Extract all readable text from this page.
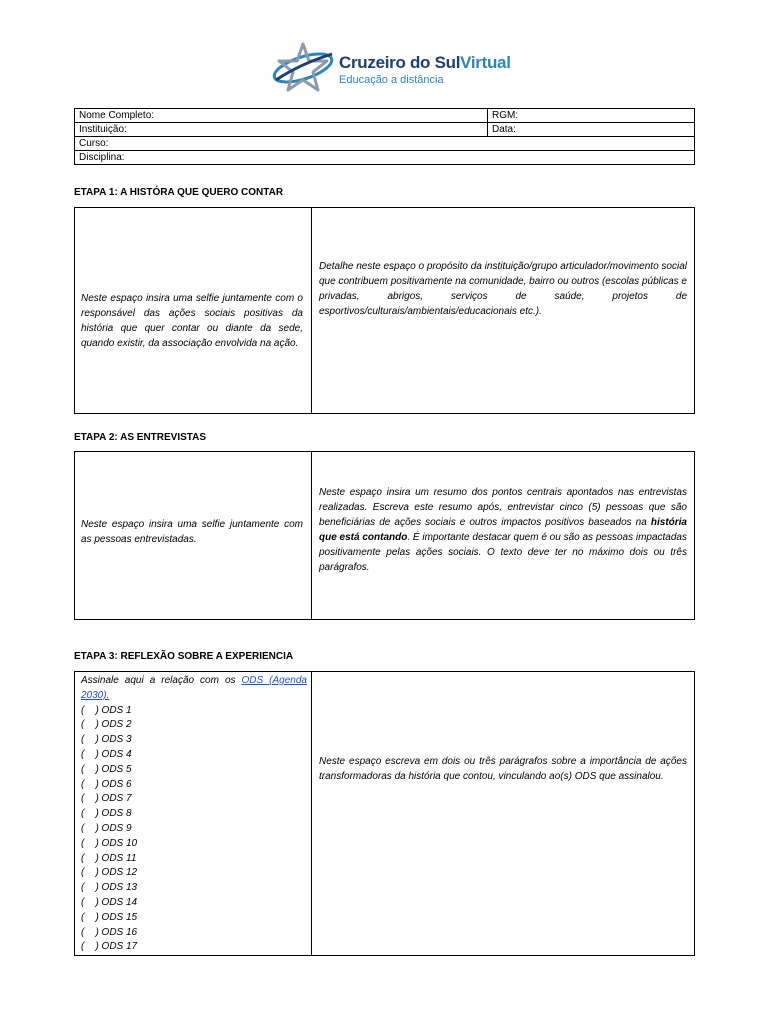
Cruzeiro do SulVirtual
Educação a distância
Nome Completo:	RGM:
Instituição:	Data:
Curso:	
Disciplina:	
ETAPA 1: A HISTÓRA QUE QUERO CONTAR
Neste espaço insira uma selfie juntamente com o responsável das ações sociais positivas da história que quer contar ou diante da sede, quando existir, da associação envolvida na ação.
Detalhe neste espaço o propósito da instituição/grupo articulador/movimento social que contribuem positivamente na comunidade, bairro ou outros (escolas públicas e privadas, abrigos, serviços de saúde, projetos de esportivos/culturais/ambientais/educacionais etc.).
ETAPA 2: AS ENTREVISTAS
Neste espaço insira uma selfie juntamente com as pessoas entrevistadas.
Neste espaço insira um resumo dos pontos centrais apontados nas entrevistas realizadas. Escreva este resumo após, entrevistar cinco (5) pessoas que são beneficiárias de ações sociais e outros impactos positivos baseados na história que está contando. É importante destacar quem é ou são as pessoas impactadas positivamente pelas ações sociais. O texto deve ter no máximo dois ou três parágrafos.
ETAPA 3: REFLEXÃO SOBRE A EXPERIENCIA
Assinale aqui a relação com os ODS (Agenda 2030).
(    ) ODS 1
(    ) ODS 2
(    ) ODS 3
(    ) ODS 4
(    ) ODS 5
(    ) ODS 6
(    ) ODS 7
(    ) ODS 8
(    ) ODS 9
(    ) ODS 10
(    ) ODS 11
(    ) ODS 12
(    ) ODS 13
(    ) ODS 14
(    ) ODS 15
(    ) ODS 16
(    ) ODS 17
Neste espaço escreva em dois ou três parágrafos sobre a importância de ações transformadoras da história que contou, vinculando ao(s) ODS que assinalou.
